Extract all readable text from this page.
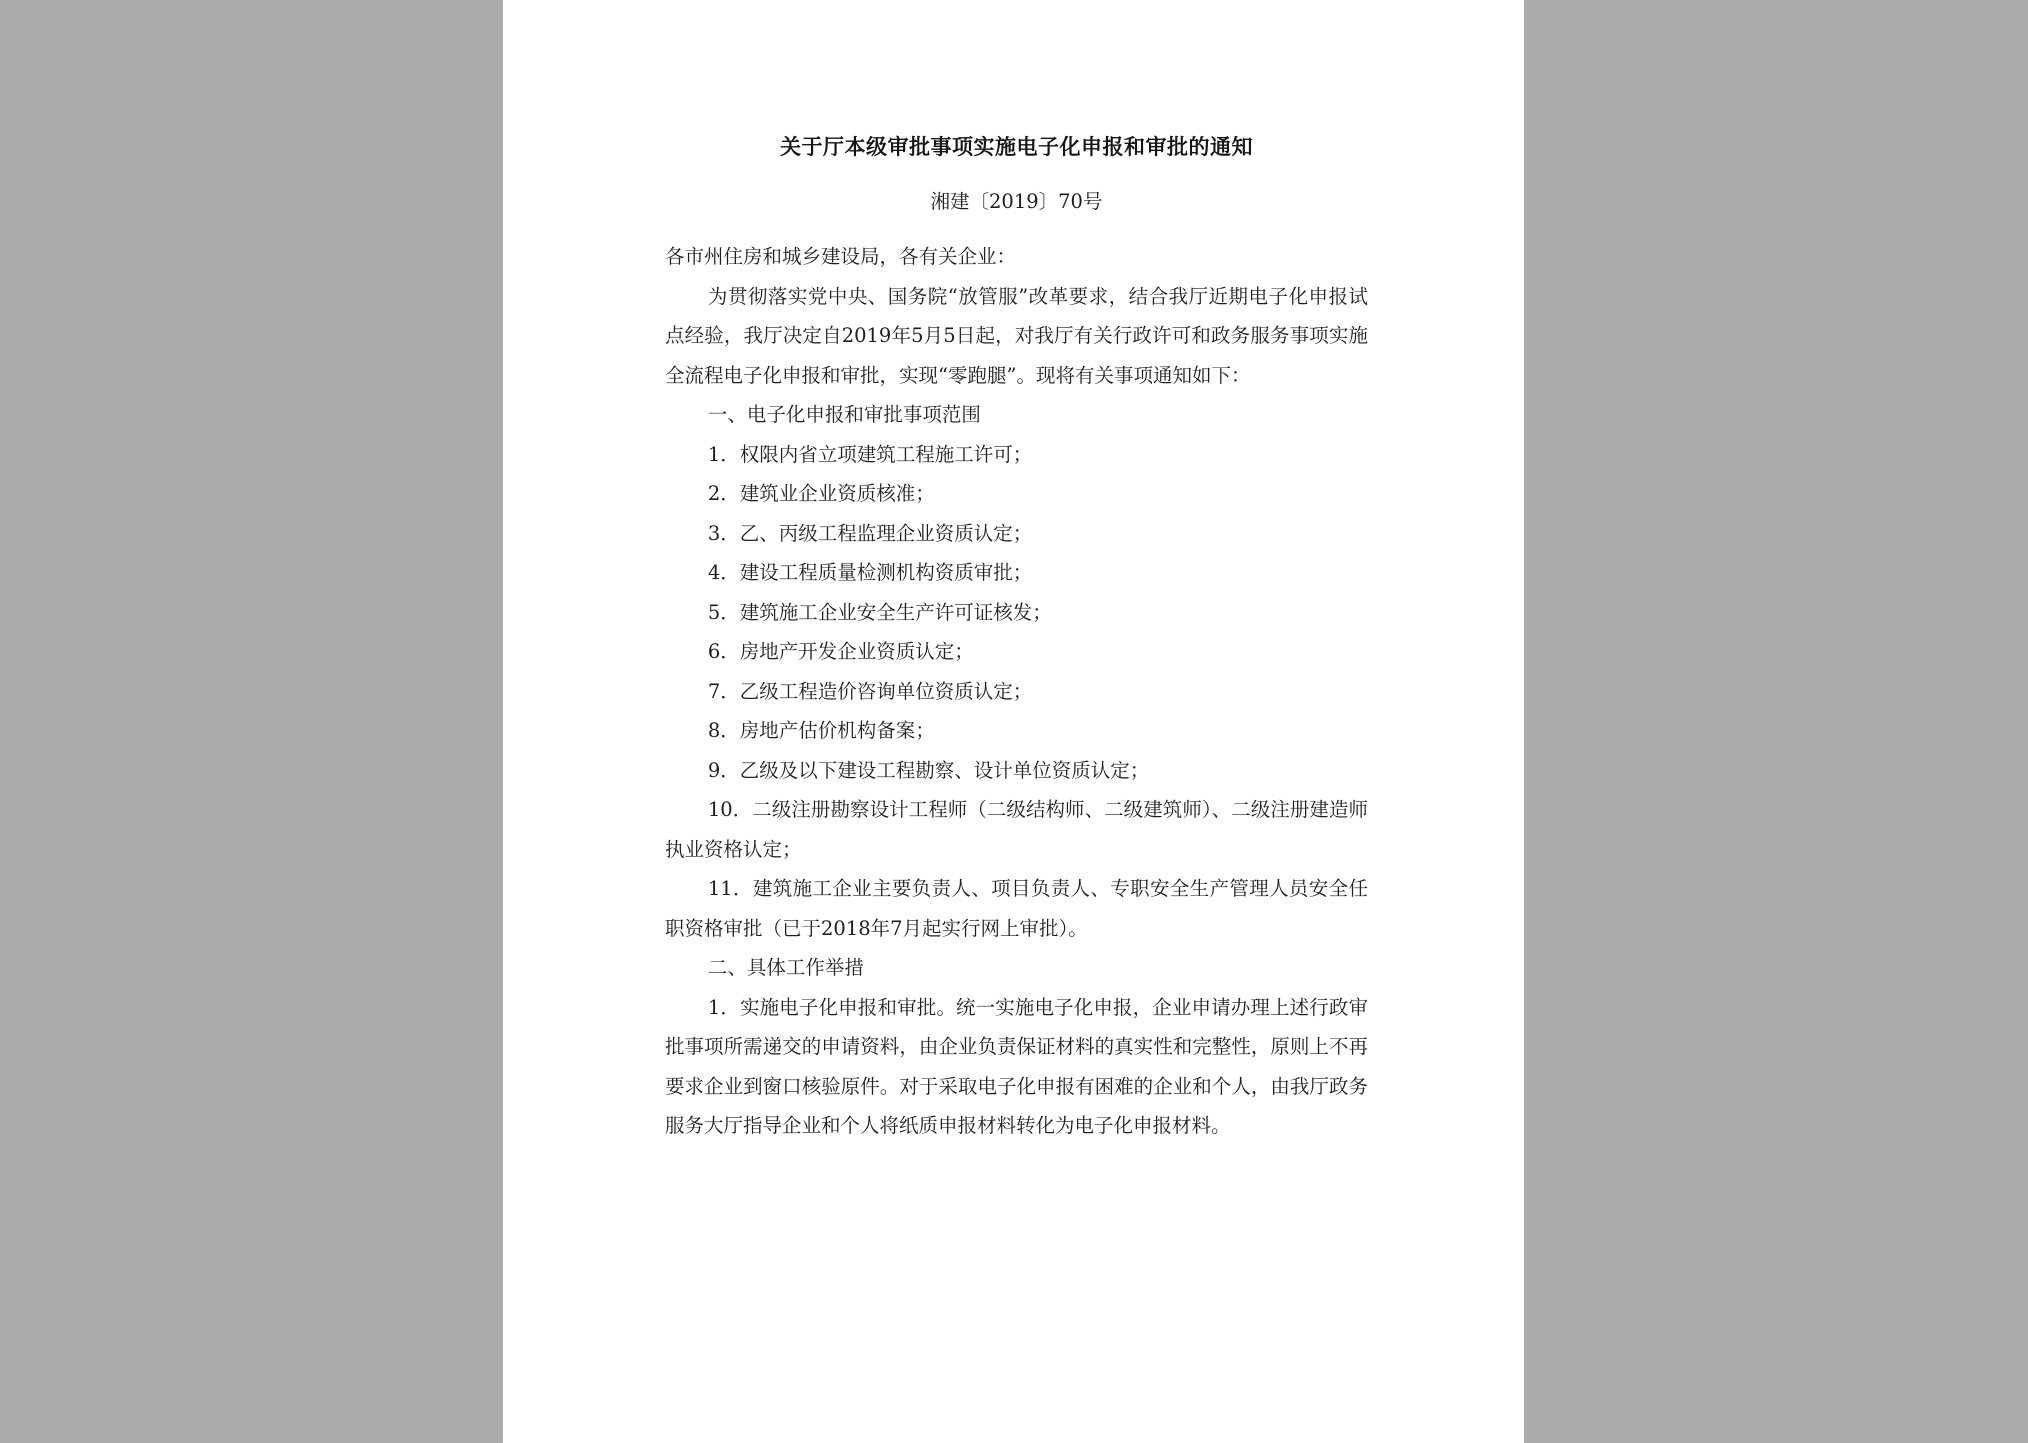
关于厅本级审批事项实施电子化申报和审批的通知

湘建〔2019〕70号

各市州住房和城乡建设局，各有关企业：

为贯彻落实党中央、国务院“放管服”改革要求，结合我厅近期电子化申报试点经验，我厅决定自2019年5月5日起，对我厅有关行政许可和政务服务事项实施全流程电子化申报和审批，实现“零跑腿”。现将有关事项通知如下：

一、电子化申报和审批事项范围

1．权限内省立项建筑工程施工许可；

2．建筑业企业资质核准；

3．乙、丙级工程监理企业资质认定；

4．建设工程质量检测机构资质审批；

5．建筑施工企业安全生产许可证核发；

6．房地产开发企业资质认定；

7．乙级工程造价咨询单位资质认定；

8．房地产估价机构备案；

9．乙级及以下建设工程勘察、设计单位资质认定；

10．二级注册勘察设计工程师（二级结构师、二级建筑师）、二级注册建造师执业资格认定；

11．建筑施工企业主要负责人、项目负责人、专职安全生产管理人员安全任职资格审批（已于2018年7月起实行网上审批）。

二、具体工作举措

1．实施电子化申报和审批。统一实施电子化申报，企业申请办理上述行政审批事项所需递交的申请资料，由企业负责保证材料的真实性和完整性，原则上不再要求企业到窗口核验原件。对于采取电子化申报有困难的企业和个人，由我厅政务服务大厅指导企业和个人将纸质申报材料转化为电子化申报材料。
